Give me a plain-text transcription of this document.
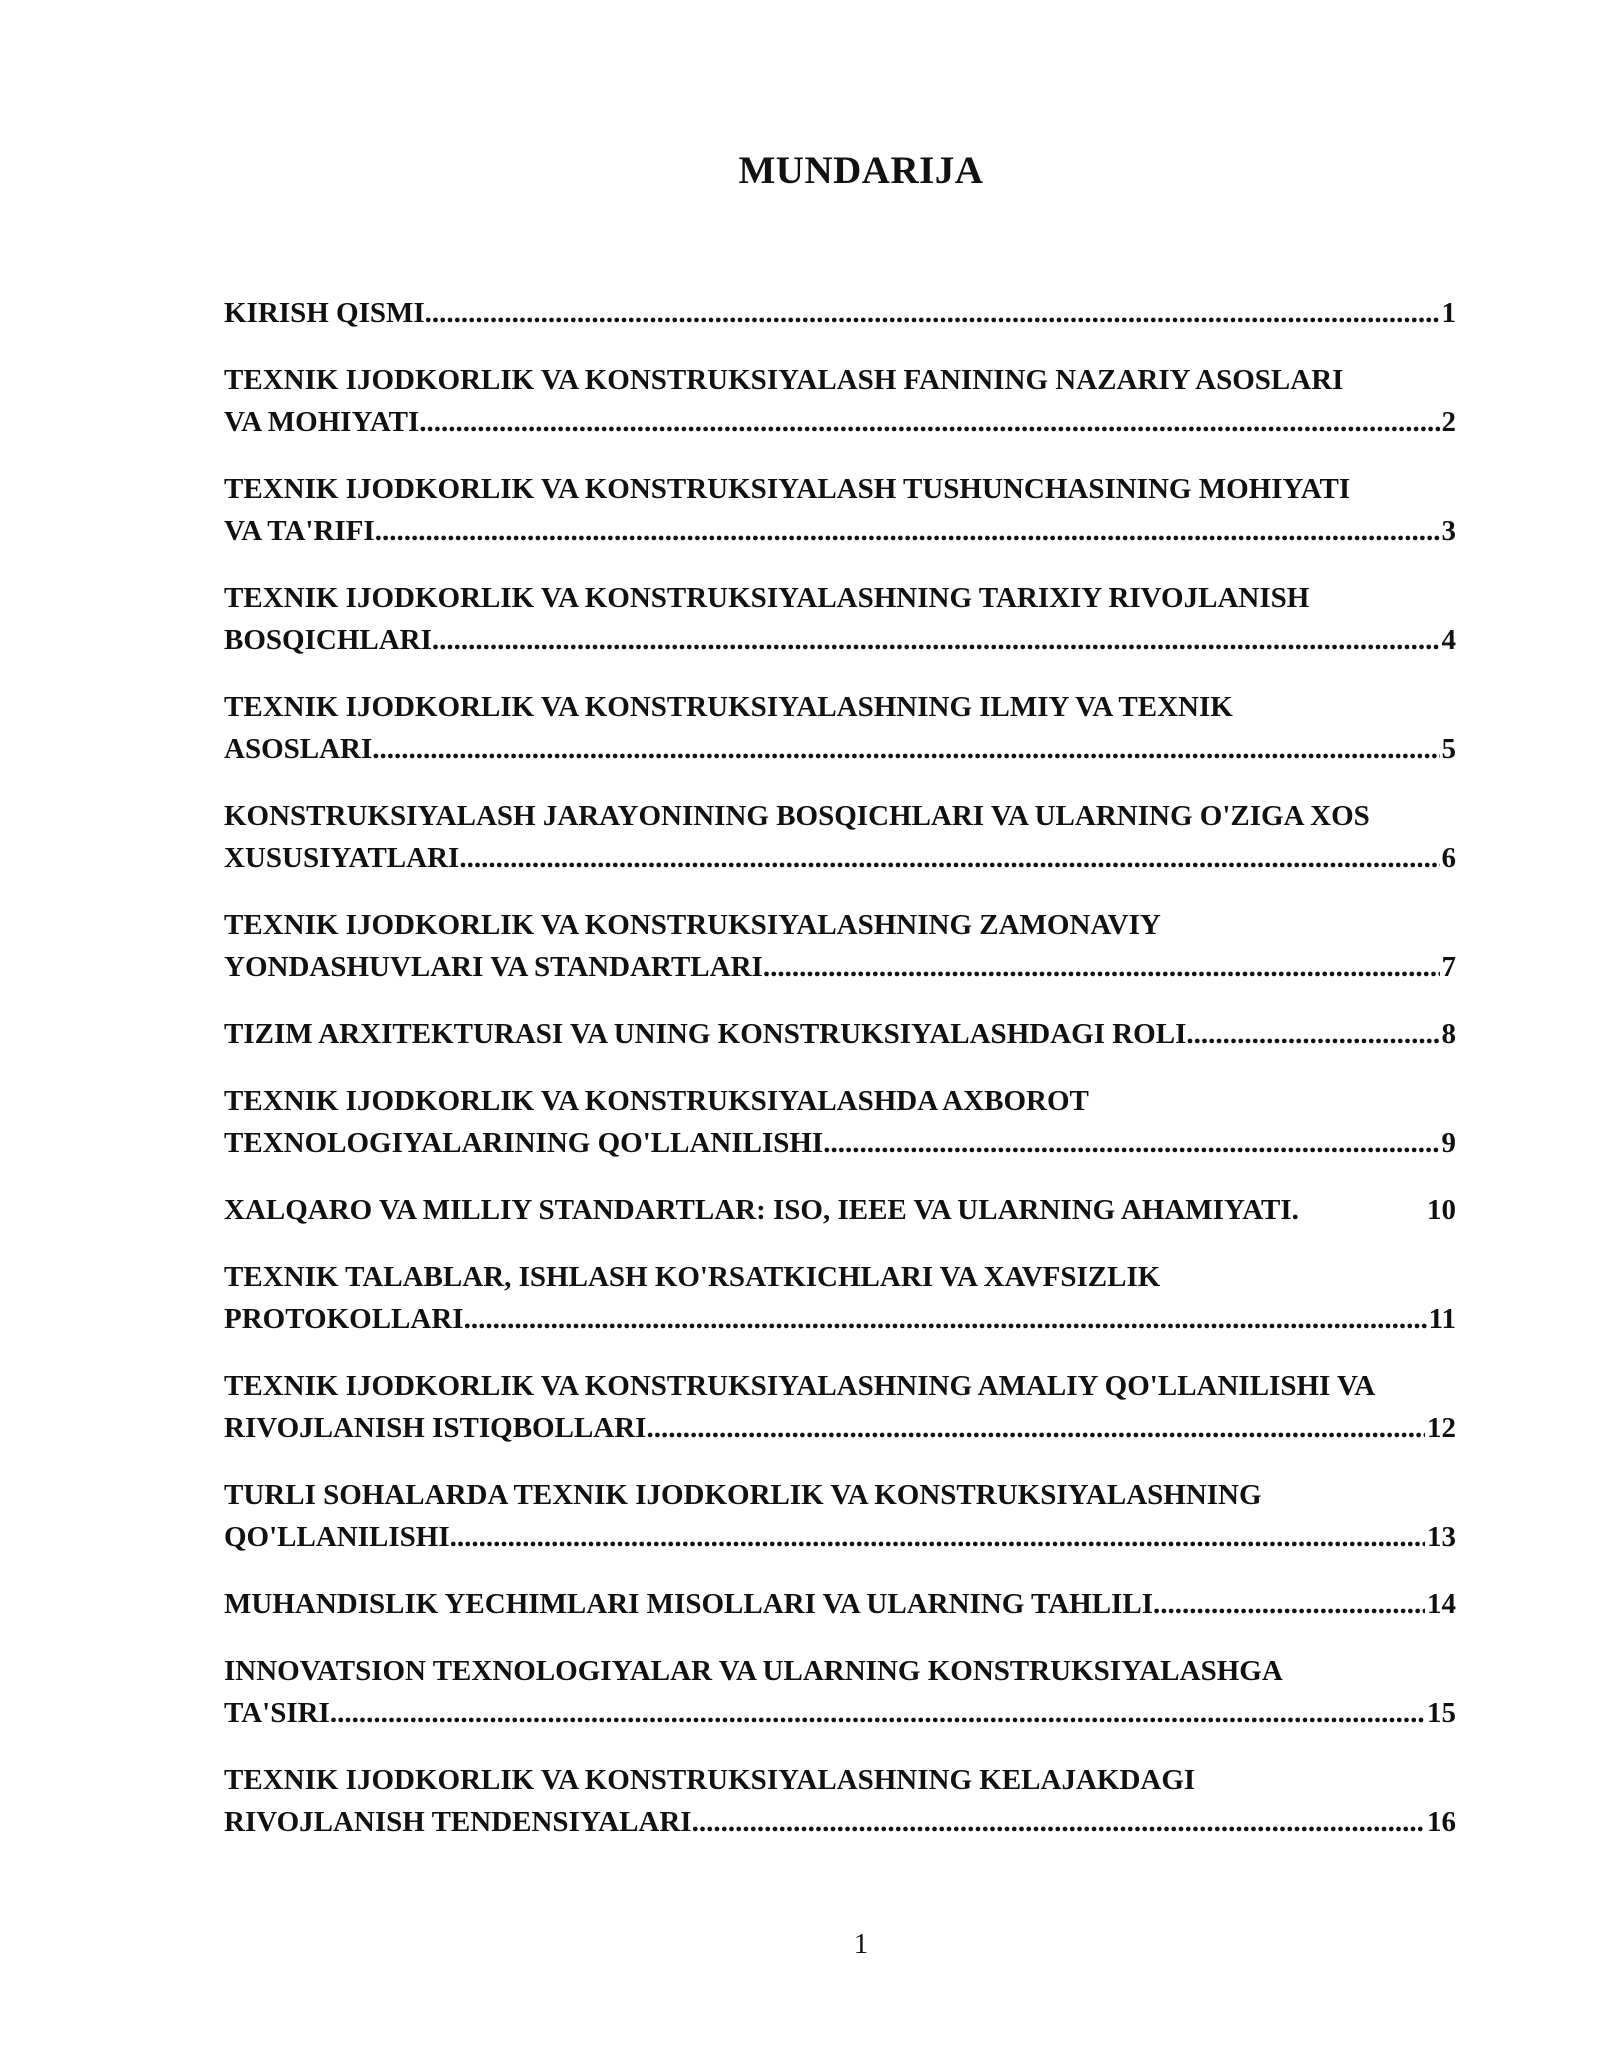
MUNDARIJA
KIRISH QISMI .....	1
TEXNIK IJODKORLIK VA KONSTRUKSIYALASH FANINING NAZARIY ASOSLARI
VA MOHIYATI .....	2
TEXNIK IJODKORLIK VA KONSTRUKSIYALASH TUSHUNCHASINING MOHIYATI
VA TA'RIFI .....	3
TEXNIK IJODKORLIK VA KONSTRUKSIYALASHNING TARIXIY RIVOJLANISH
BOSQICHLARI .....	4
TEXNIK IJODKORLIK VA KONSTRUKSIYALASHNING ILMIY VA TEXNIK
ASOSLARI .....	5
KONSTRUKSIYALASH JARAYONINING BOSQICHLARI VA ULARNING O'ZIGA XOS
XUSUSIYATLARI .....	6
TEXNIK IJODKORLIK VA KONSTRUKSIYALASHNING ZAMONAVIY
YONDASHUVLARI VA STANDARTLARI .....	7
TIZIM ARXITEKTURASI VA UNING KONSTRUKSIYALASHDAGI ROLI .....	8
TEXNIK IJODKORLIK VA KONSTRUKSIYALASHDA AXBOROT
TEXNOLOGIYALARINING QO'LLANILISHI .....	9
XALQARO VA MILLIY STANDARTLAR: ISO, IEEE VA ULARNING AHAMIYATI.	10
TEXNIK TALABLAR, ISHLASH KO'RSATKICHLARI VA XAVFSIZLIK
PROTOKOLLARI .....	11
TEXNIK IJODKORLIK VA KONSTRUKSIYALASHNING AMALIY QO'LLANILISHI VA
RIVOJLANISH ISTIQBOLLARI .....	12
TURLI SOHALARDA TEXNIK IJODKORLIK VA KONSTRUKSIYALASHNING
QO'LLANILISHI .....	13
MUHANDISLIK YECHIMLARI MISOLLARI VA ULARNING TAHLILI .....	14
INNOVATSION TEXNOLOGIYALAR VA ULARNING KONSTRUKSIYALASHGA
TA'SIRI .....	15
TEXNIK IJODKORLIK VA KONSTRUKSIYALASHNING KELAJAKDAGI
RIVOJLANISH TENDENSIYALARI .....	16
1
